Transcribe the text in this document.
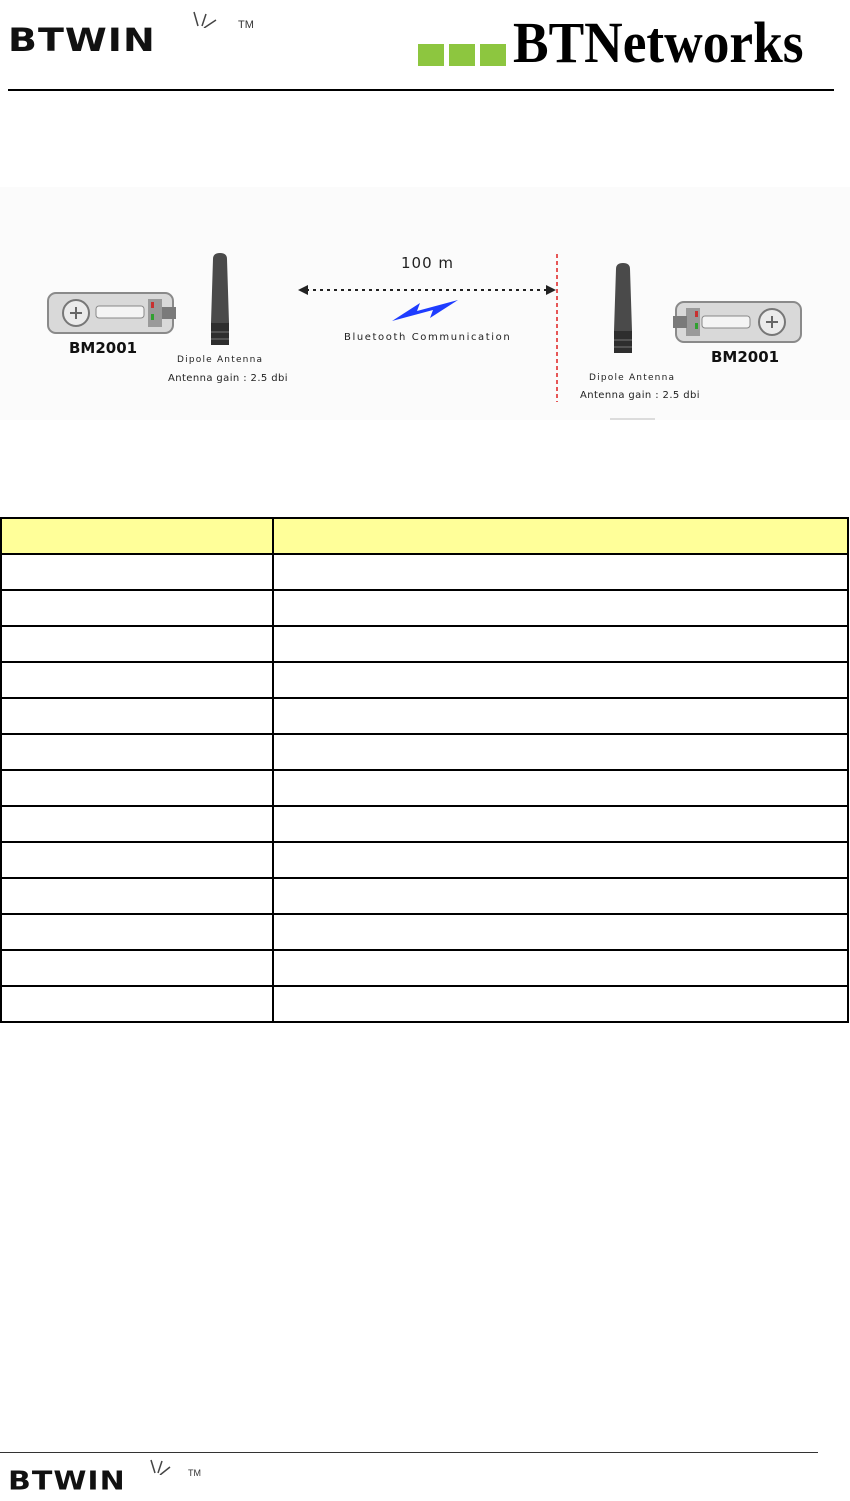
BTWIN	TM	BTNetworks
100 m
Bluetooth Communication
BM2001
Dipole Antenna
Antenna gain : 2.5 dbi
BM2001
Dipole Antenna
Antenna gain : 2.5 dbi

BTWIN	TM
